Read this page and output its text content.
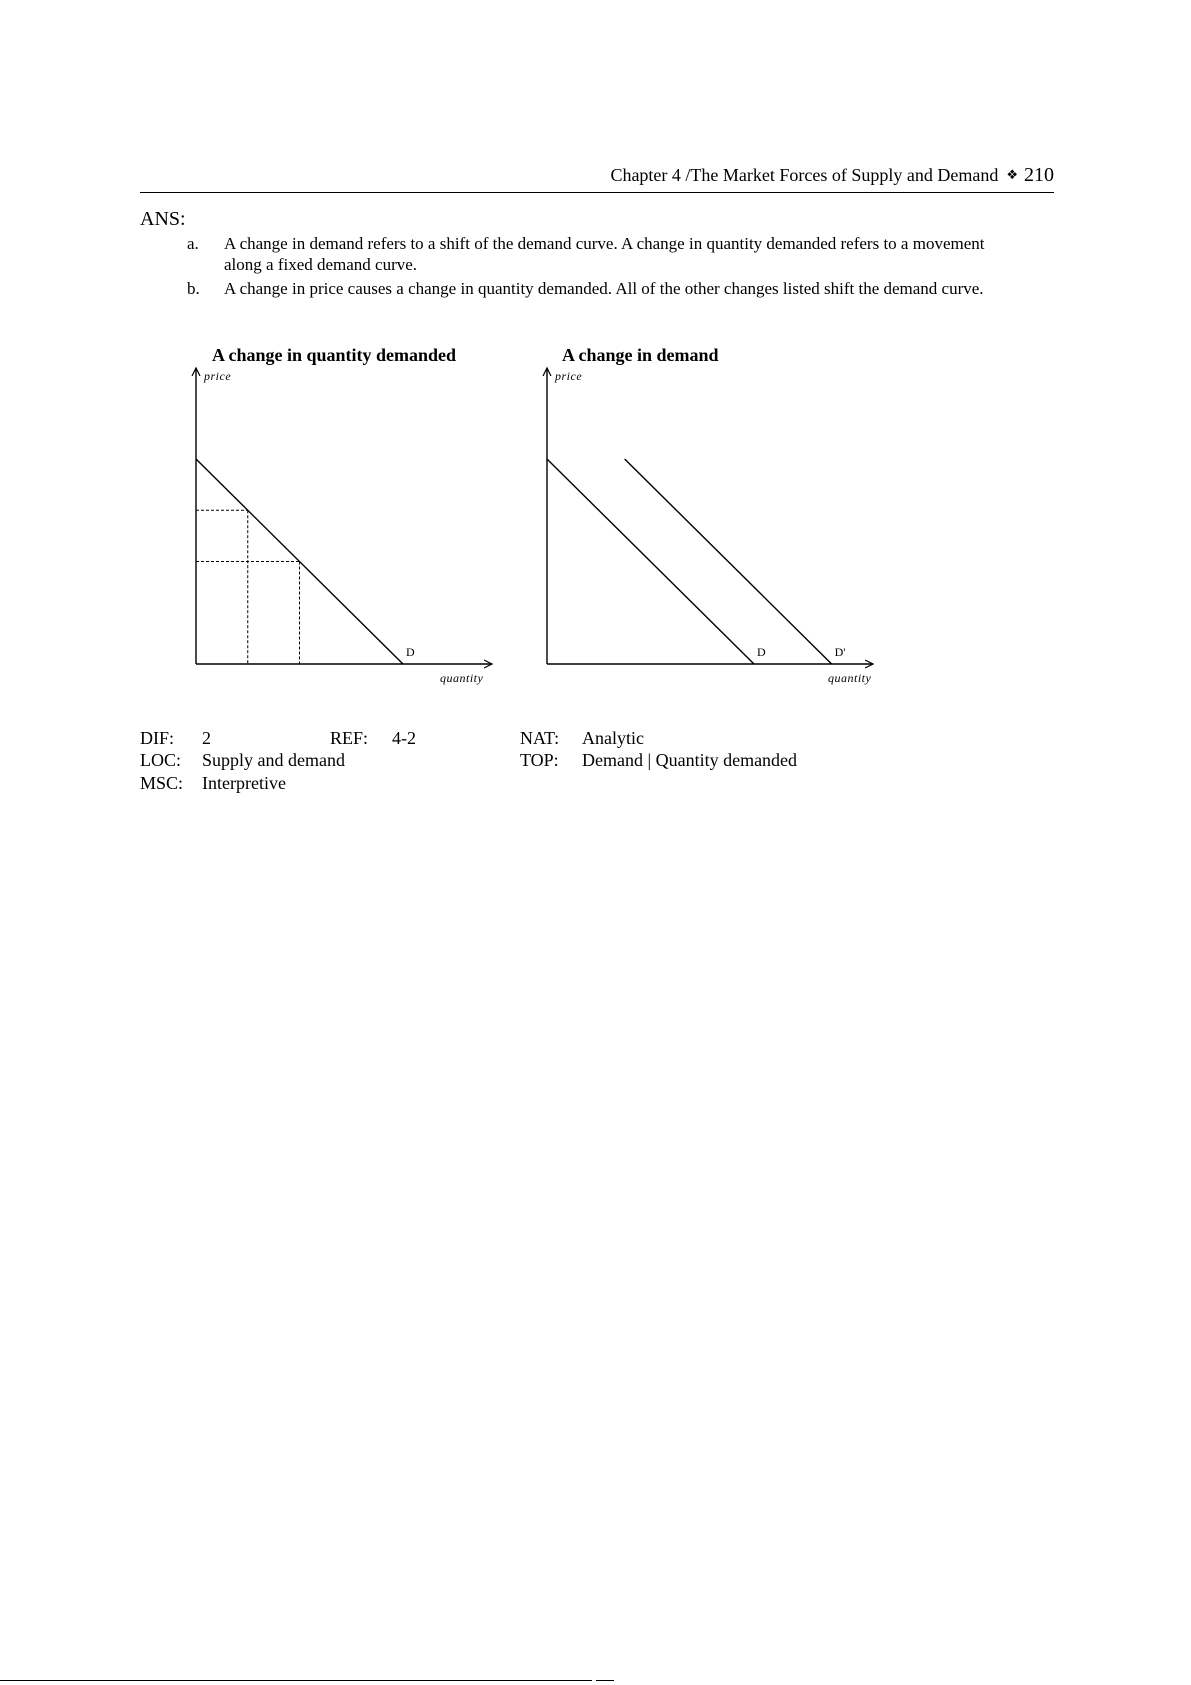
Chapter 4 /The Market Forces of Supply and Demand ❖ 210
ANS:
a. A change in demand refers to a shift of the demand curve. A change in quantity demanded refers to a movement along a fixed demand curve.
b. A change in price causes a change in quantity demanded. All of the other changes listed shift the demand curve.
A change in quantity demanded
price
quantity
D
A change in demand
price
quantity
D	D'
DIF: 2	REF: 4-2	NAT: Analytic
LOC: Supply and demand	TOP: Demand | Quantity demanded
MSC: Interpretive
